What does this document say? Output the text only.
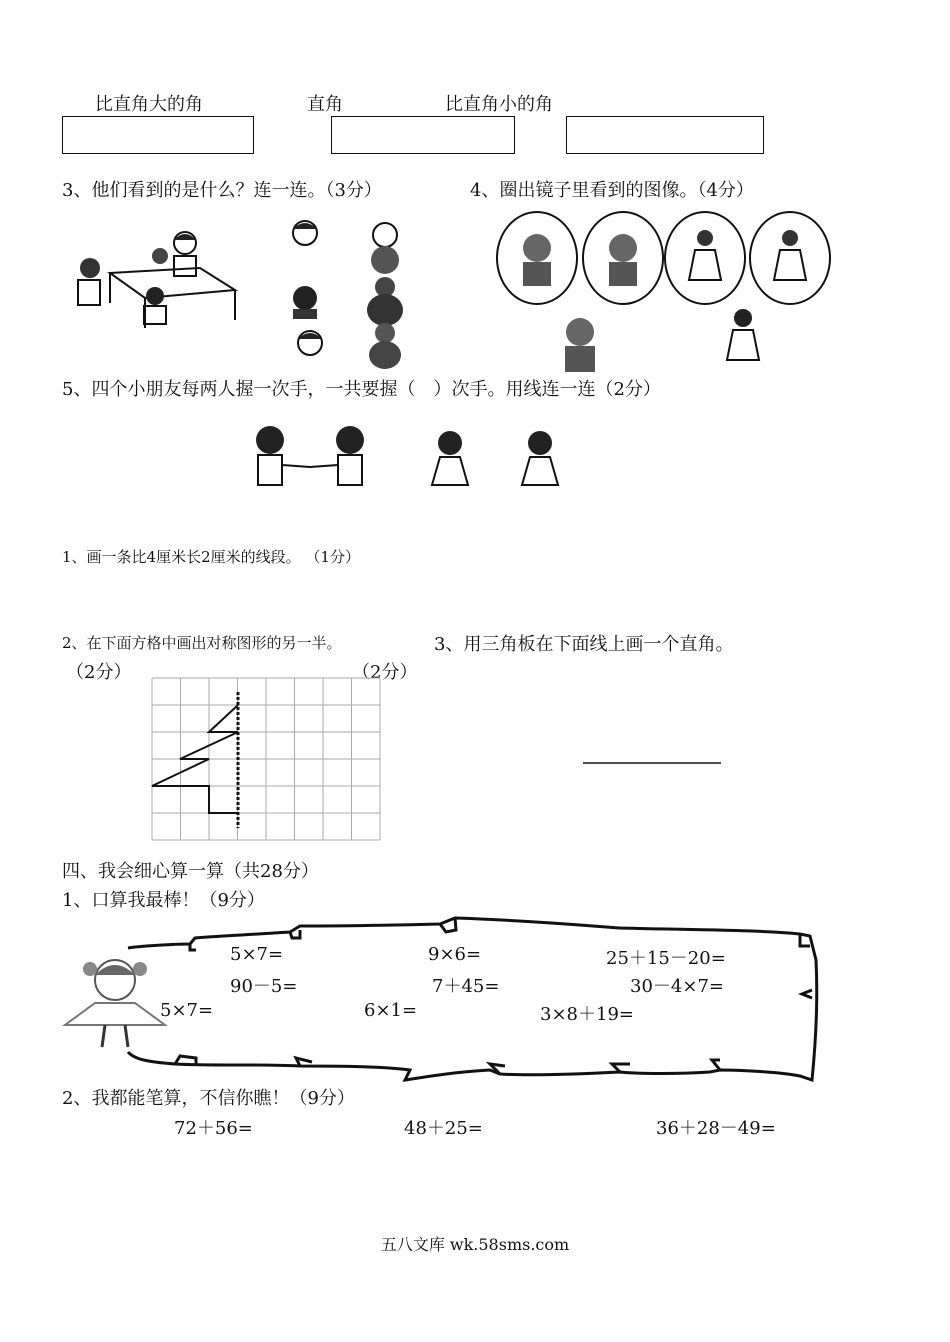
比直角大的角	直角	比直角小的角
3、他们看到的是什么？连一连。（3分）	4、圈出镜子里看到的图像。（4分）
5、四个小朋友每两人握一次手，一共要握（　）次手。用线连一连（2分）
1、画一条比4厘米长2厘米的线段。 （1分）
2、在下面方格中画出对称图形的另一半。	3、用三角板在下面线上画一个直角。
（2分）	（2分）
四、我会细心算一算（共28分）
1、口算我最棒！（9分）
5×7=	9×6=	25＋15－20=
90－5=	7＋45=	30－4×7=
5×7=	6×1=	3×8＋19=
2、我都能笔算，不信你瞧！（9分）
72＋56=	48＋25=	36＋28－49=
五八文库 wk.58sms.com
